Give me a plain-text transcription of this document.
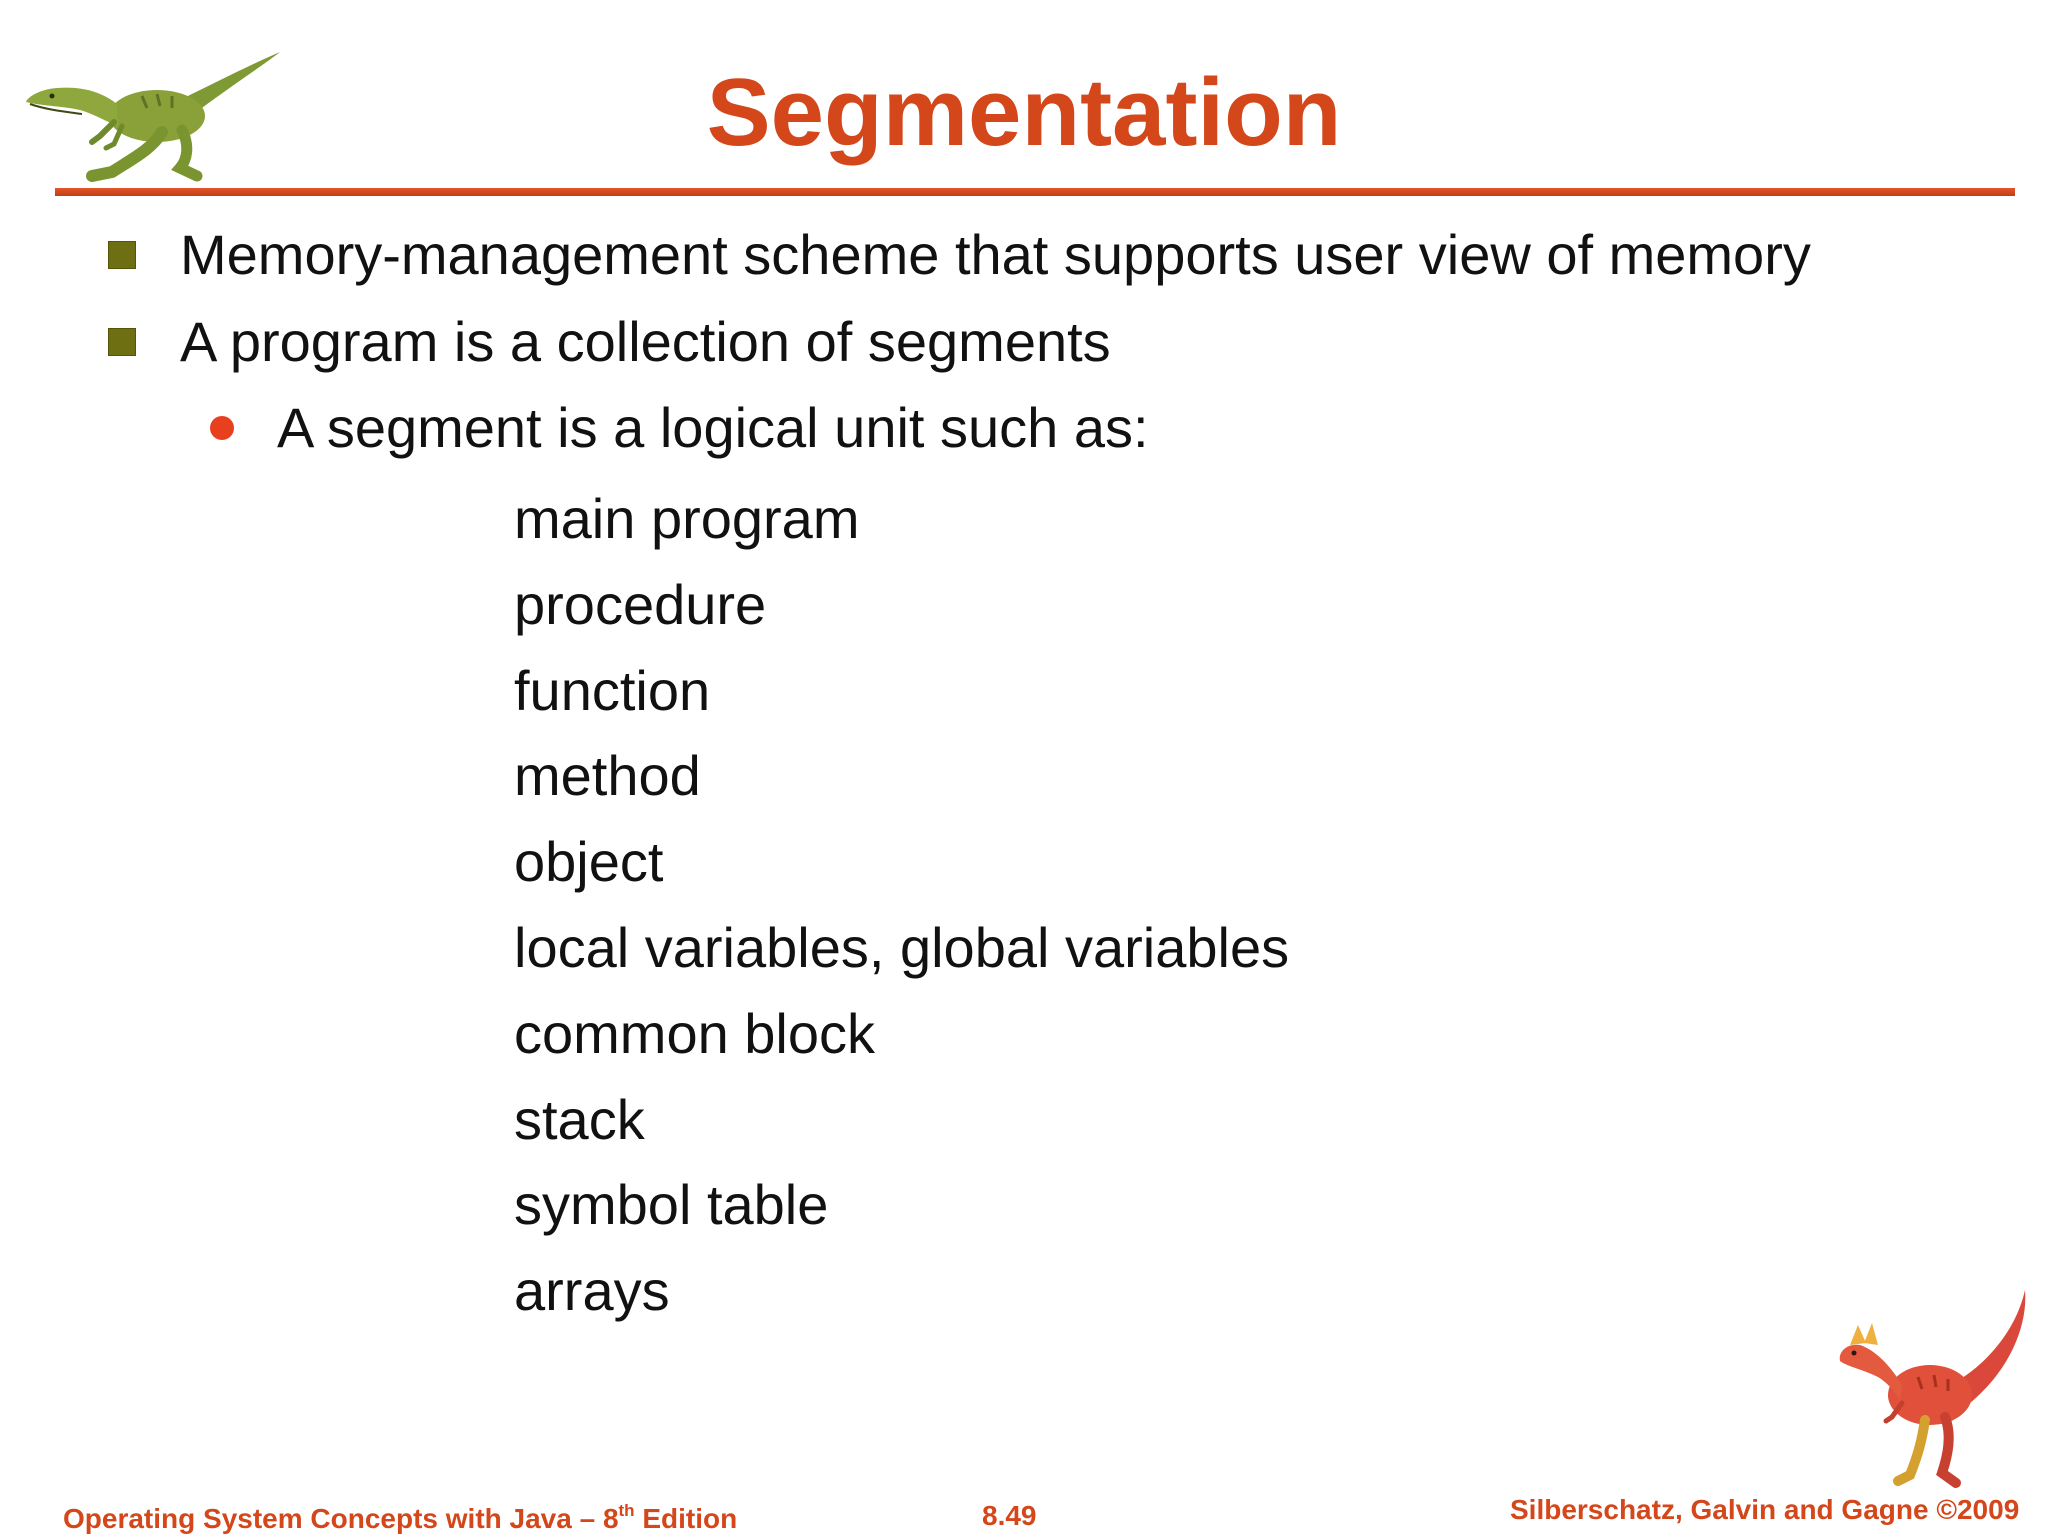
Segmentation
Memory-management scheme that supports user view of memory
A program is a collection of segments
A segment is a logical unit such as:
main program
procedure
function
method
object
local variables, global variables
common block
stack
symbol table
arrays
Operating System Concepts with Java – 8th Edition	8.49	Silberschatz, Galvin and Gagne ©2009
